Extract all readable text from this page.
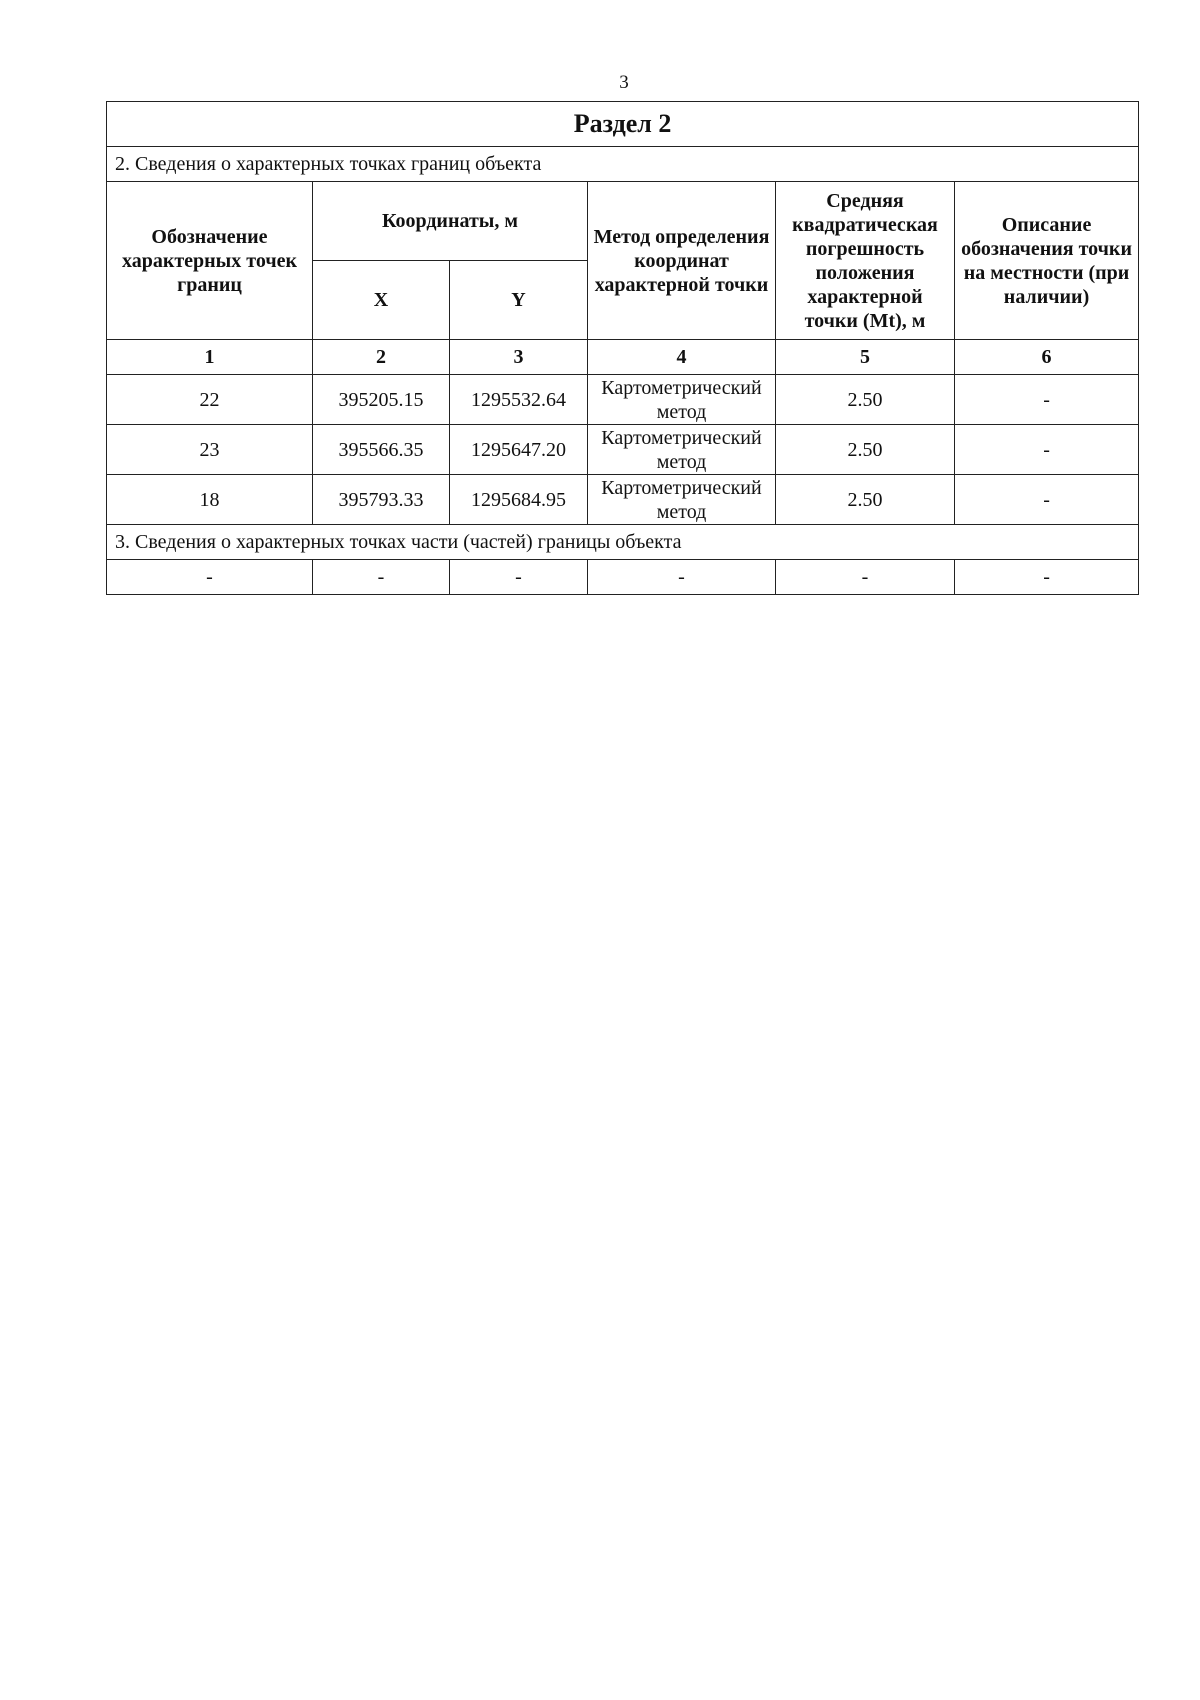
3
Раздел 2					
2. Сведения о характерных точках границ объекта					
Обозначение характерных точек границ	Координаты, м		Метод определения координат характерной точки	Средняя квадратическая погрешность положения характерной точки (Mt), м	Описание обозначения точки на местности (при наличии)
	X	Y			
1	2	3	4	5	6
22	395205.15	1295532.64	Картометрический метод	2.50	-
23	395566.35	1295647.20	Картометрический метод	2.50	-
18	395793.33	1295684.95	Картометрический метод	2.50	-
3. Сведения о характерных точках части (частей) границы объекта					
-	-	-	-	-	-
